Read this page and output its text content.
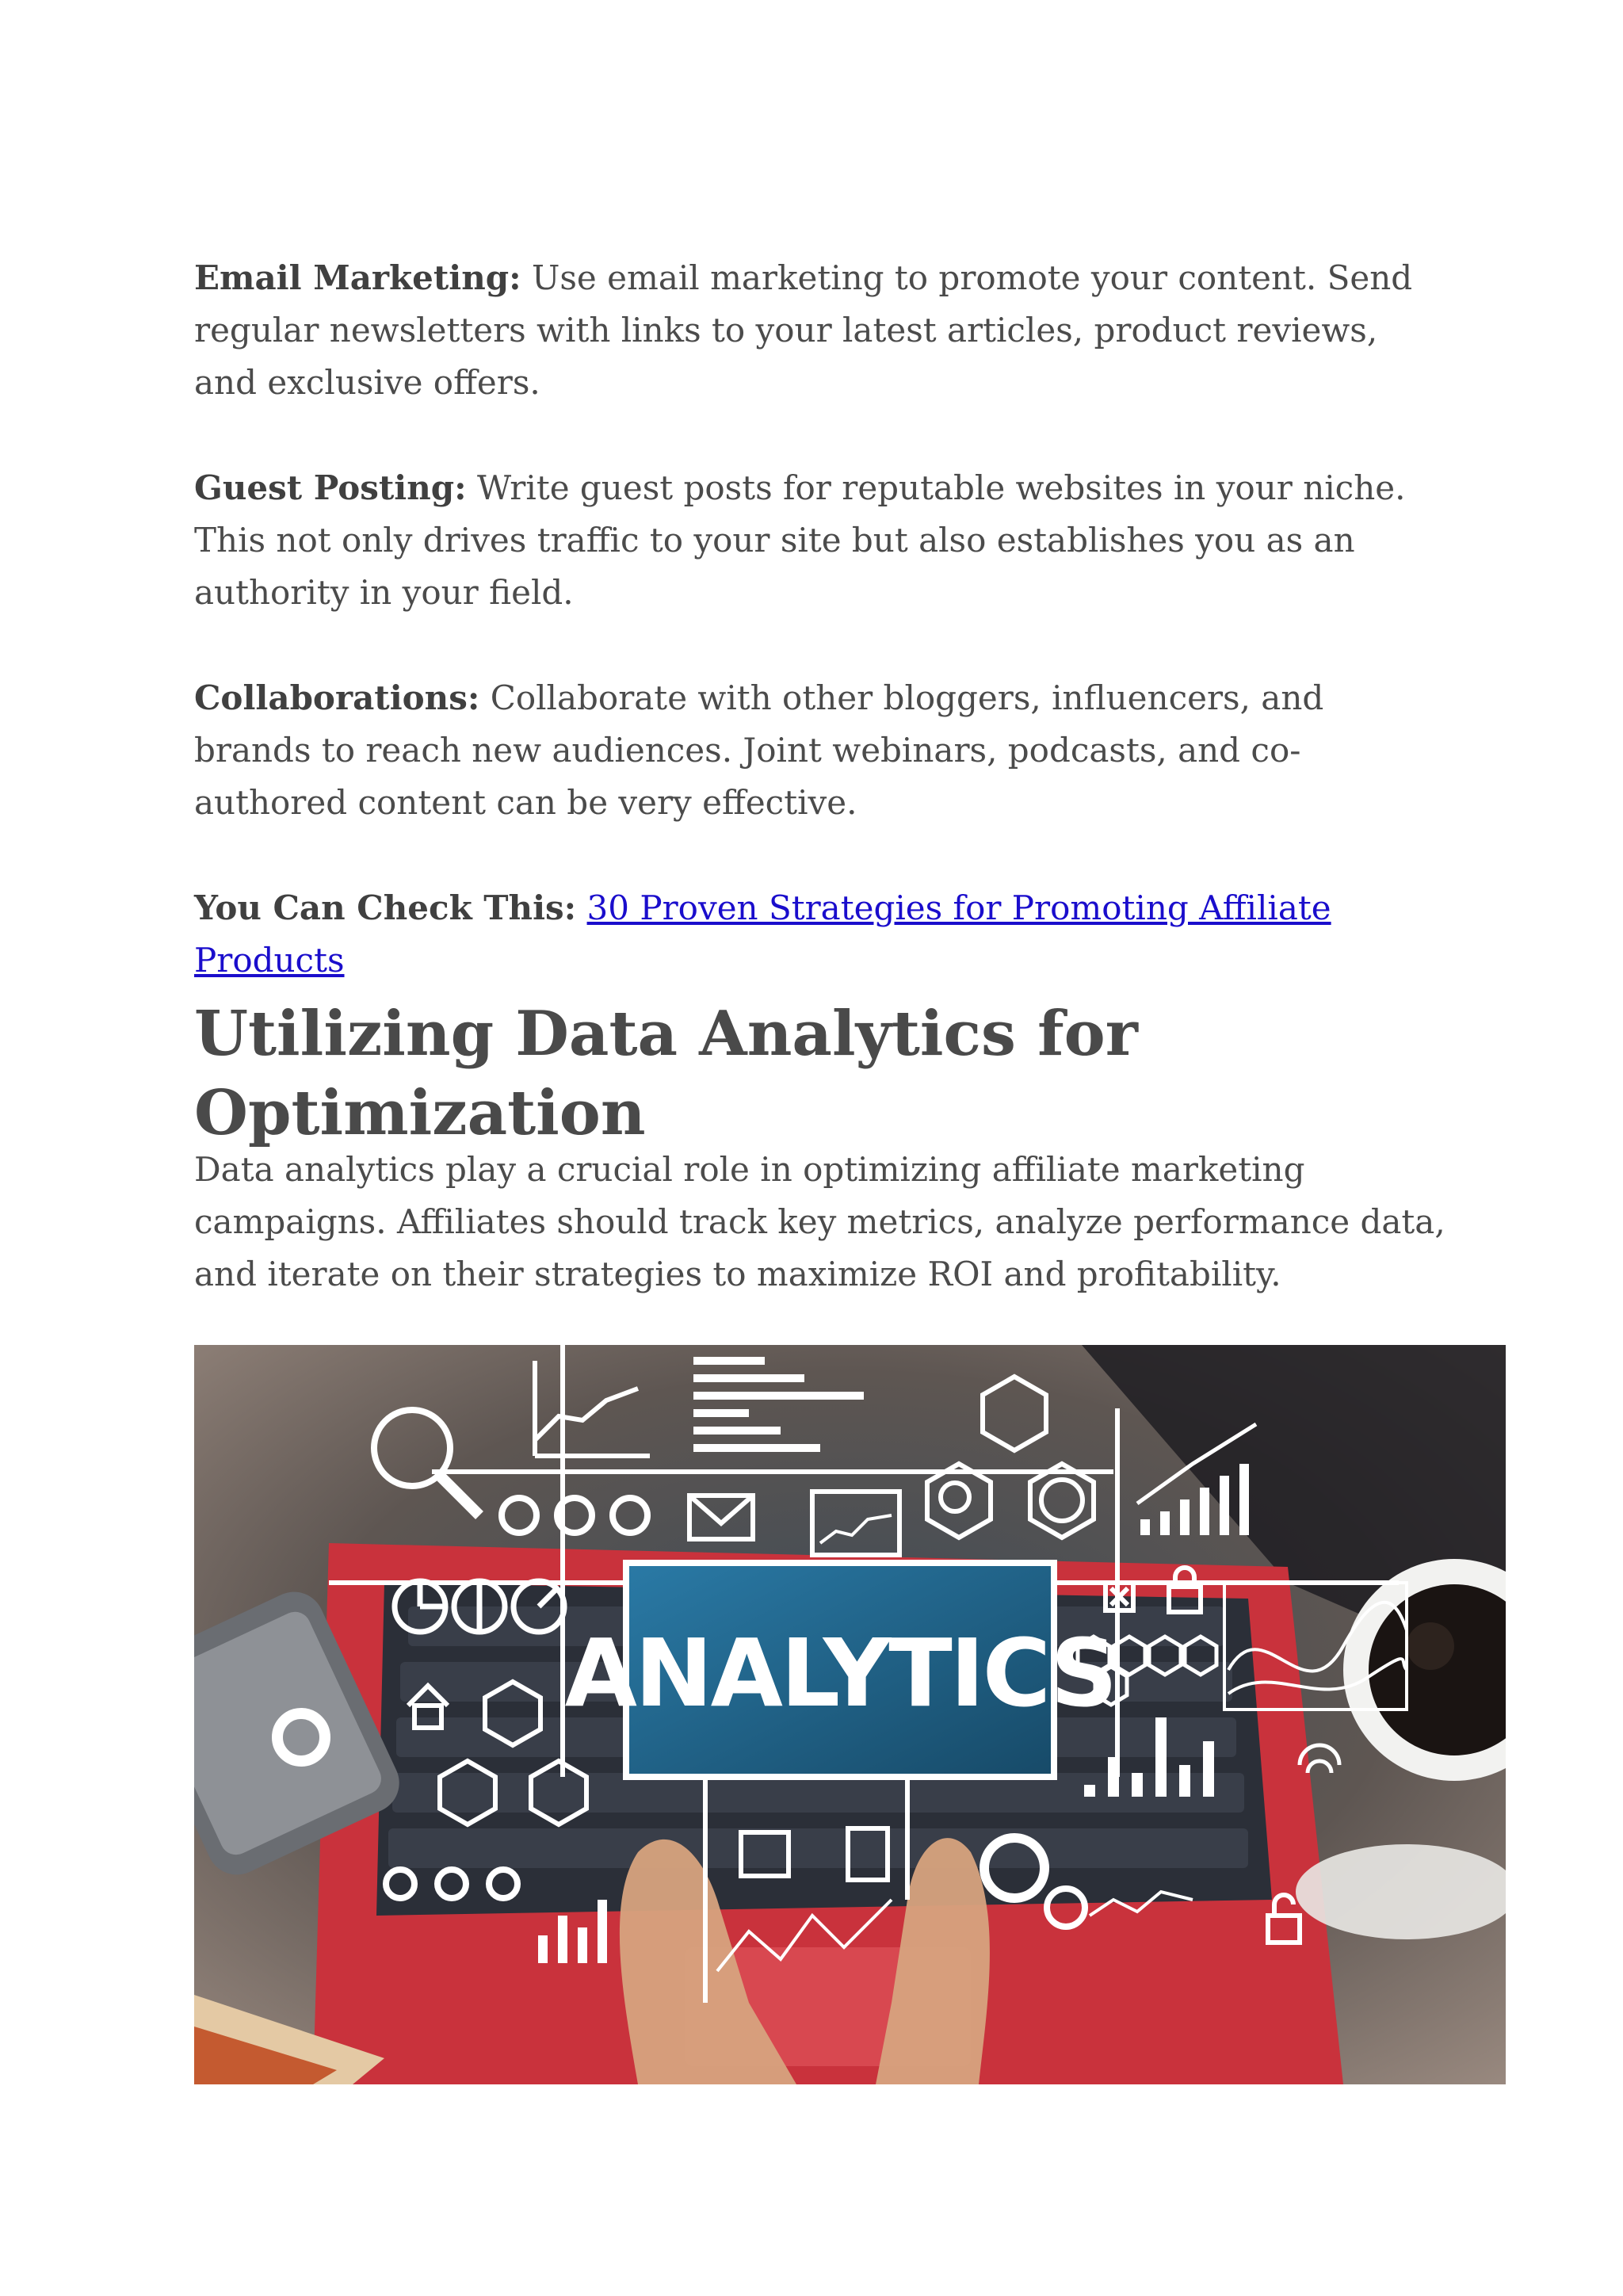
Email Marketing: Use email marketing to promote your content. Send regular newsletters with links to your latest articles, product reviews, and exclusive offers.

Guest Posting: Write guest posts for reputable websites in your niche. This not only drives traffic to your site but also establishes you as an authority in your field.

Collaborations: Collaborate with other bloggers, influencers, and brands to reach new audiences. Joint webinars, podcasts, and co-authored content can be very effective.

You Can Check This: 30 Proven Strategies for Promoting Affiliate Products

Utilizing Data Analytics for Optimization

Data analytics play a crucial role in optimizing affiliate marketing campaigns. Affiliates should track key metrics, analyze performance data, and iterate on their strategies to maximize ROI and profitability.

ANALYTICS
